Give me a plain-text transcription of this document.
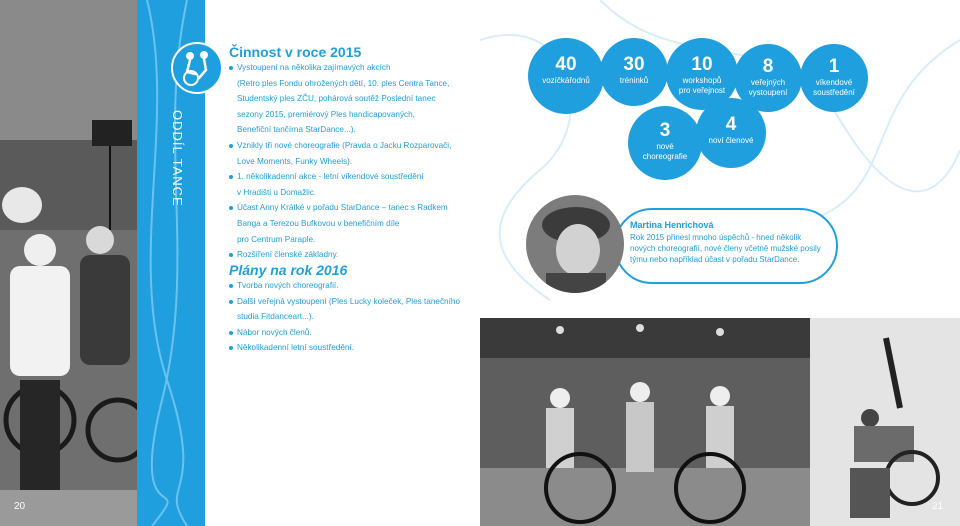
ODDÍL TANCE
Činnost v roce 2015
Vystoupení na několika zajímavých akcích
(Retro ples Fondu ohrožených dětí, 10. ples Centra Tance,
Studentský ples ZČU, pohárová soutěž Poslední tanec
sezony 2015, premiérový Ples handicapovaných,
Benefiční tančírna StarDance...).
Vznikly tři nové choreografie (Pravda o Jacku Rozparovači,
Love Moments, Funky Wheels).
1. několikadenní akce - letní víkendové soustředění
v Hradišti u Domažlic.
Účast Anny Krátké v pořadu StarDance – tanec s Radkem
Banga a Terezou Bufkovou v benefičním díle
pro Centrum Paraple.
Rozšíření členské základny.
Plány na rok 2016
Tvorba nových choreografií.
Další veřejná vystoupení (Ples Lucky koleček, Ples tanečního
studia Fitdanceart...).
Nábor nových členů.
Několikadenní letní soustředění.
20
40
vozíčkářodnů
30
tréninků
10
workshopů pro veřejnost
8
veřejných vystoupení
1
víkendové soustředění
3
nové choreografie
4
noví členové
Martina Henrichová
Rok 2015 přinesl mnoho úspěchů - hned několik nových choreografií, nové členy včetně mužské posily týmu nebo například účast v pořadu StarDance.
21
